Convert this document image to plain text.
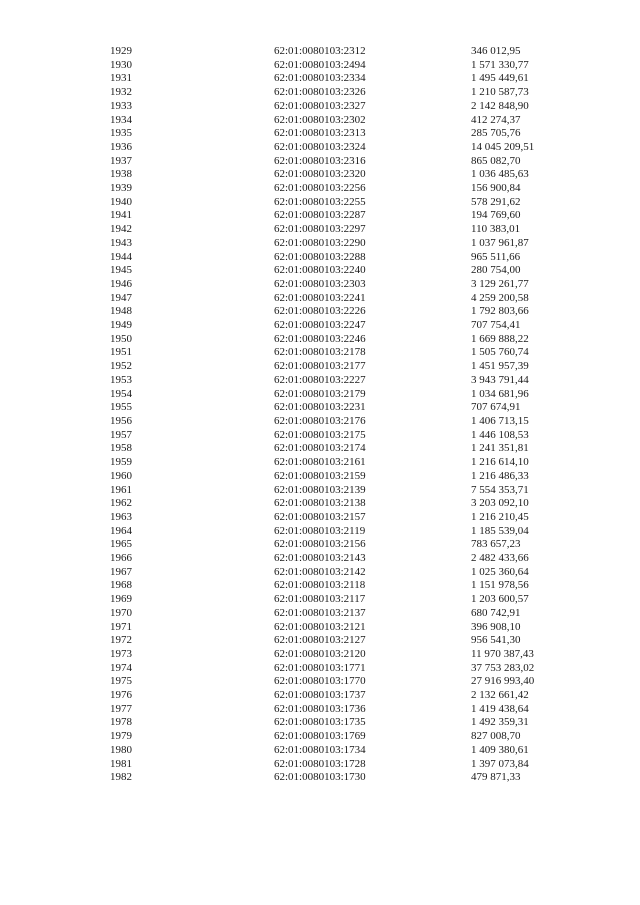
1929	62:01:0080103:2312	346 012,95
1930	62:01:0080103:2494	1 571 330,77
1931	62:01:0080103:2334	1 495 449,61
1932	62:01:0080103:2326	1 210 587,73
1933	62:01:0080103:2327	2 142 848,90
1934	62:01:0080103:2302	412 274,37
1935	62:01:0080103:2313	285 705,76
1936	62:01:0080103:2324	14 045 209,51
1937	62:01:0080103:2316	865 082,70
1938	62:01:0080103:2320	1 036 485,63
1939	62:01:0080103:2256	156 900,84
1940	62:01:0080103:2255	578 291,62
1941	62:01:0080103:2287	194 769,60
1942	62:01:0080103:2297	110 383,01
1943	62:01:0080103:2290	1 037 961,87
1944	62:01:0080103:2288	965 511,66
1945	62:01:0080103:2240	280 754,00
1946	62:01:0080103:2303	3 129 261,77
1947	62:01:0080103:2241	4 259 200,58
1948	62:01:0080103:2226	1 792 803,66
1949	62:01:0080103:2247	707 754,41
1950	62:01:0080103:2246	1 669 888,22
1951	62:01:0080103:2178	1 505 760,74
1952	62:01:0080103:2177	1 451 957,39
1953	62:01:0080103:2227	3 943 791,44
1954	62:01:0080103:2179	1 034 681,96
1955	62:01:0080103:2231	707 674,91
1956	62:01:0080103:2176	1 406 713,15
1957	62:01:0080103:2175	1 446 108,53
1958	62:01:0080103:2174	1 241 351,81
1959	62:01:0080103:2161	1 216 614,10
1960	62:01:0080103:2159	1 216 486,33
1961	62:01:0080103:2139	7 554 353,71
1962	62:01:0080103:2138	3 203 092,10
1963	62:01:0080103:2157	1 216 210,45
1964	62:01:0080103:2119	1 185 539,04
1965	62:01:0080103:2156	783 657,23
1966	62:01:0080103:2143	2 482 433,66
1967	62:01:0080103:2142	1 025 360,64
1968	62:01:0080103:2118	1 151 978,56
1969	62:01:0080103:2117	1 203 600,57
1970	62:01:0080103:2137	680 742,91
1971	62:01:0080103:2121	396 908,10
1972	62:01:0080103:2127	956 541,30
1973	62:01:0080103:2120	11 970 387,43
1974	62:01:0080103:1771	37 753 283,02
1975	62:01:0080103:1770	27 916 993,40
1976	62:01:0080103:1737	2 132 661,42
1977	62:01:0080103:1736	1 419 438,64
1978	62:01:0080103:1735	1 492 359,31
1979	62:01:0080103:1769	827 008,70
1980	62:01:0080103:1734	1 409 380,61
1981	62:01:0080103:1728	1 397 073,84
1982	62:01:0080103:1730	479 871,33
